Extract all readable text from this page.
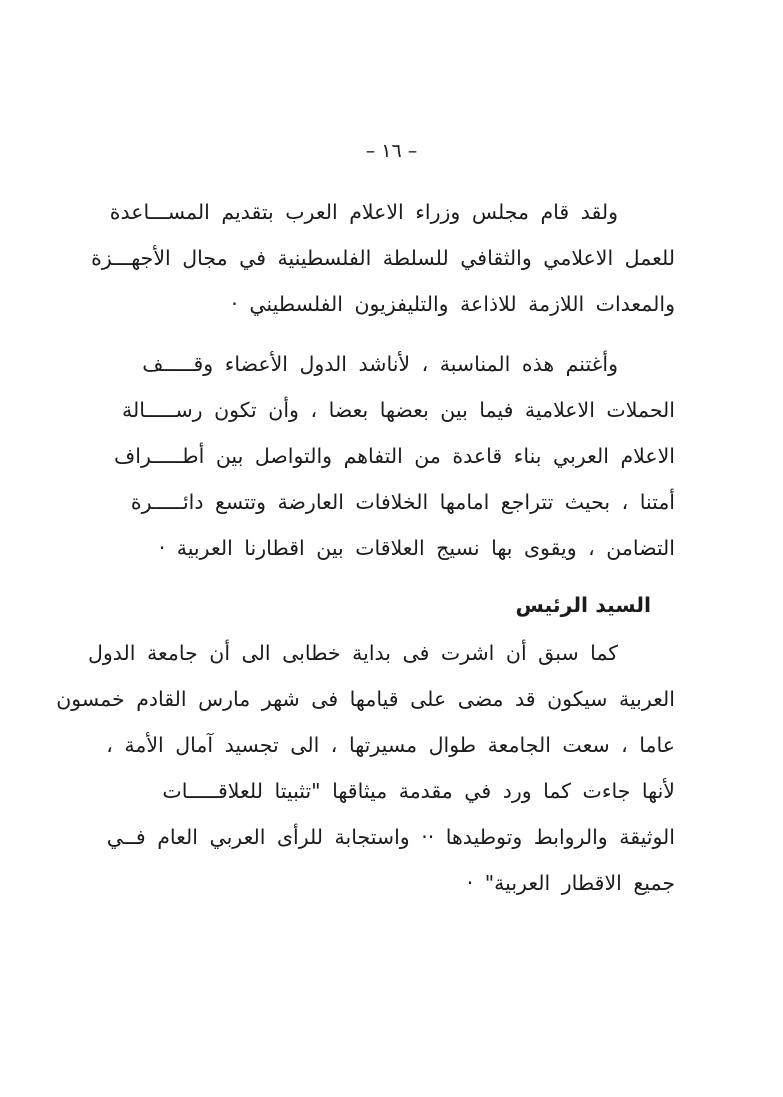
– ١٦ –
ولقد قام مجلس وزراء الاعلام العرب بتقديم المســـاعدة
للعمل الاعلامي والثقافي للسلطة الفلسطينية في مجال الأجهـــزة
والمعدات اللازمة للاذاعة والتليفزيون الفلسطيني ·
وأغتنم هذه المناسبة ، لأناشد الدول الأعضاء وقـــــف
الحملات الاعلامية فيما بين بعضها بعضا ، وأن تكون رســـــالة
الاعلام العربي بناء قاعدة من التفاهم والتواصل بين أطـــــراف
أمتنا ، بحيث تتراجع امامها الخلافات العارضة وتتسع دائـــــرة
التضامن ، ويقوى بها نسيج العلاقات بين اقطارنا العربية ·
السيد الرئيس
كما سبق أن اشرت فى بداية خطابى الى أن جامعة الدول
العربية سيكون قد مضى على قيامها فى شهر مارس القادم خمسون
عاما ، سعت الجامعة طوال مسيرتها ، الى تجسيد آمال الأمة ،
لأنها جاءت كما ورد في مقدمة ميثاقها "تثبيتا للعلاقـــــات
الوثيقة والروابط وتوطيدها ·· واستجابة للرأى العربي العام فــي
جميع الاقطار العربية" ·
